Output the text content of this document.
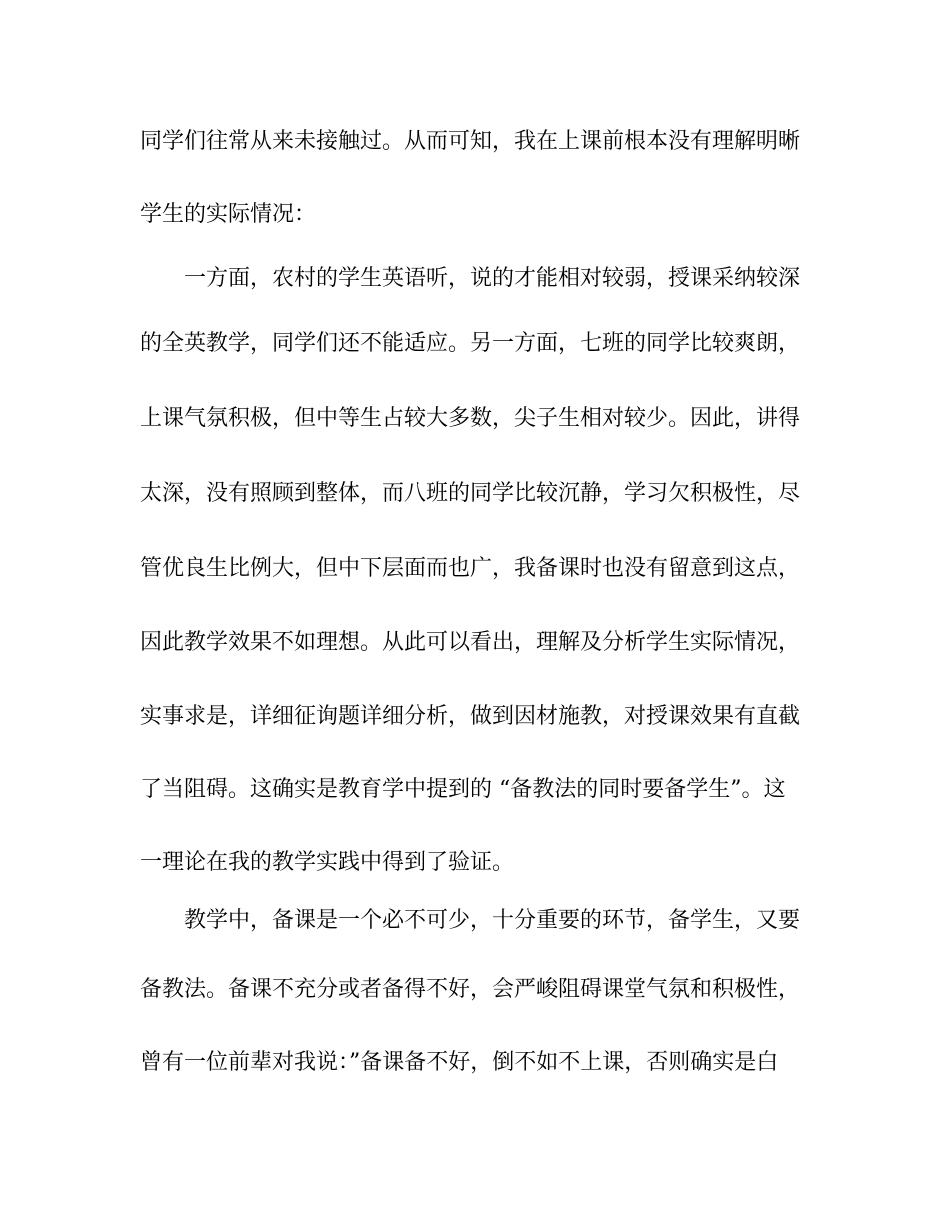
同学们往常从来未接触过。从而可知，我在上课前根本没有理解明晰
学生的实际情况：
一方面，农村的学生英语听，说的才能相对较弱，授课采纳较深
的全英教学，同学们还不能适应。另一方面，七班的同学比较爽朗，
上课气氛积极，但中等生占较大多数，尖子生相对较少。因此，讲得
太深，没有照顾到整体，而八班的同学比较沉静，学习欠积极性，尽
管优良生比例大，但中下层面而也广，我备课时也没有留意到这点，
因此教学效果不如理想。从此可以看出，理解及分析学生实际情况，
实事求是，详细征询题详细分析，做到因材施教，对授课效果有直截
了当阻碍。这确实是教育学中提到的 “备教法的同时要备学生”。这
一理论在我的教学实践中得到了验证。
教学中，备课是一个必不可少，十分重要的环节，备学生，又要
备教法。备课不充分或者备得不好，会严峻阻碍课堂气氛和积极性，
曾有一位前辈对我说：”备课备不好，倒不如不上课，否则确实是白
